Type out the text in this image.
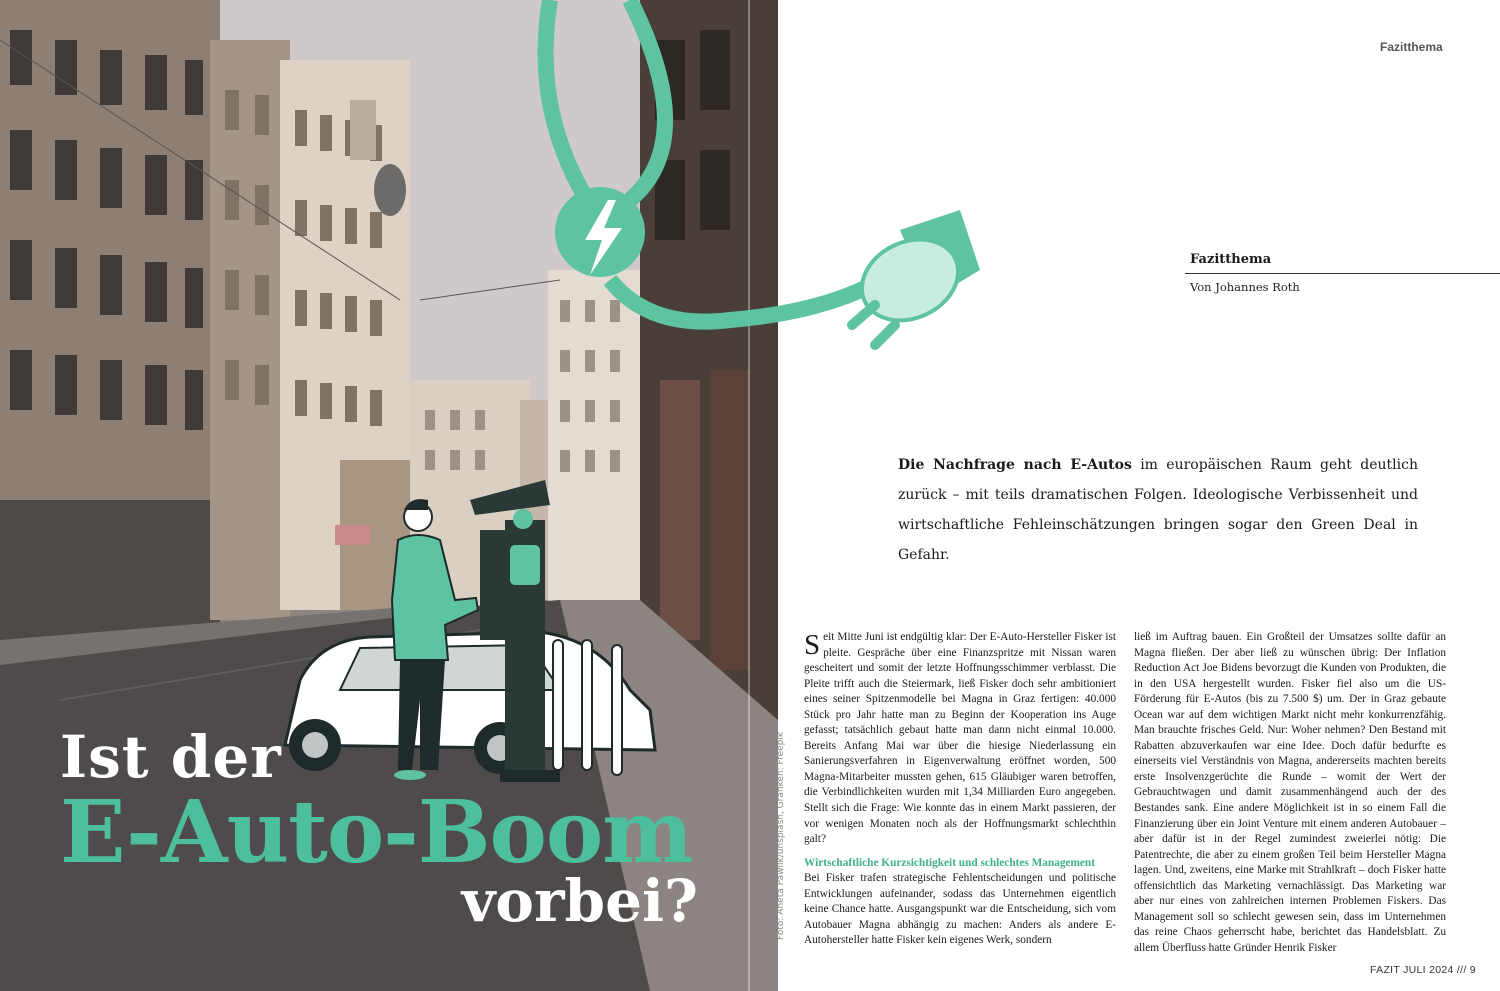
Ist der
E-Auto-Boom
vorbei?	Foto: Aneta Pawlik/unsplash, Grafiken: Freepik
Fazitthema
Fazitthema
Von Johannes Roth

Die Nachfrage nach E-Autos im europäischen Raum geht deutlich zurück – mit teils dramatischen Folgen. Ideologische Verbissenheit und wirtschaftliche Fehleinschätzungen bringen sogar den Green Deal in Gefahr.

Seit Mitte Juni ist endgültig klar: Der E-Auto-Hersteller Fisker ist pleite. Gespräche über eine Finanzspritze mit Nissan waren gescheitert und somit der letzte Hoffnungsschimmer verblasst. Die Pleite trifft auch die Steiermark, ließ Fisker doch sehr ambitioniert eines seiner Spitzenmodelle bei Magna in Graz fertigen: 40.000 Stück pro Jahr hatte man zu Beginn der Kooperation ins Auge gefasst; tatsächlich gebaut hatte man dann nicht einmal 10.000. Bereits Anfang Mai war über die hiesige Niederlassung ein Sanierungsverfahren in Eigenverwaltung eröffnet worden, 500 Magna-Mitarbeiter mussten gehen, 615 Gläubiger waren betroffen, die Verbindlichkeiten wurden mit 1,34 Milliarden Euro angegeben. Stellt sich die Frage: Wie konnte das in einem Markt passieren, der vor wenigen Monaten noch als der Hoffnungsmarkt schlechthin galt?
Wirtschaftliche Kurzsichtigkeit und schlechtes Management
Bei Fisker trafen strategische Fehlentscheidungen und politische Entwicklungen aufeinander, sodass das Unternehmen eigentlich keine Chance hatte. Ausgangspunkt war die Entscheidung, sich vom Autobauer Magna abhängig zu machen: Anders als andere E-Autohersteller hatte Fisker kein eigenes Werk, sondern
ließ im Auftrag bauen. Ein Großteil der Umsatzes sollte dafür an Magna fließen. Der aber ließ zu wünschen übrig: Der Inflation Reduction Act Joe Bidens bevorzugt die Kunden von Produkten, die in den USA hergestellt wurden. Fisker fiel also um die US-Förderung für E-Autos (bis zu 7.500 $) um. Der in Graz gebaute Ocean war auf dem wichtigen Markt nicht mehr konkurrenzfähig. Man brauchte frisches Geld. Nur: Woher nehmen? Den Bestand mit Rabatten abzuverkaufen war eine Idee. Doch dafür bedurfte es einerseits viel Verständnis von Magna, andererseits machten bereits erste Insolvenzgerüchte die Runde – womit der Wert der Gebrauchtwagen und damit zusammenhängend auch der des Bestandes sank. Eine andere Möglichkeit ist in so einem Fall die Finanzierung über ein Joint Venture mit einem anderen Autobauer – aber dafür ist in der Regel zumindest zweierlei nötig: Die Patentrechte, die aber zu einem großen Teil beim Hersteller Magna lagen. Und, zweitens, eine Marke mit Strahlkraft – doch Fisker hatte offensichtlich das Marketing vernachlässigt. Das Marketing war aber nur eines von zahlreichen internen Problemen Fiskers. Das Management soll so schlecht gewesen sein, dass im Unternehmen das reine Chaos geherrscht habe, berichtet das Handelsblatt. Zu allem Überfluss hatte Gründer Henrik Fisker
FAZIT JULI 2024 /// 9
